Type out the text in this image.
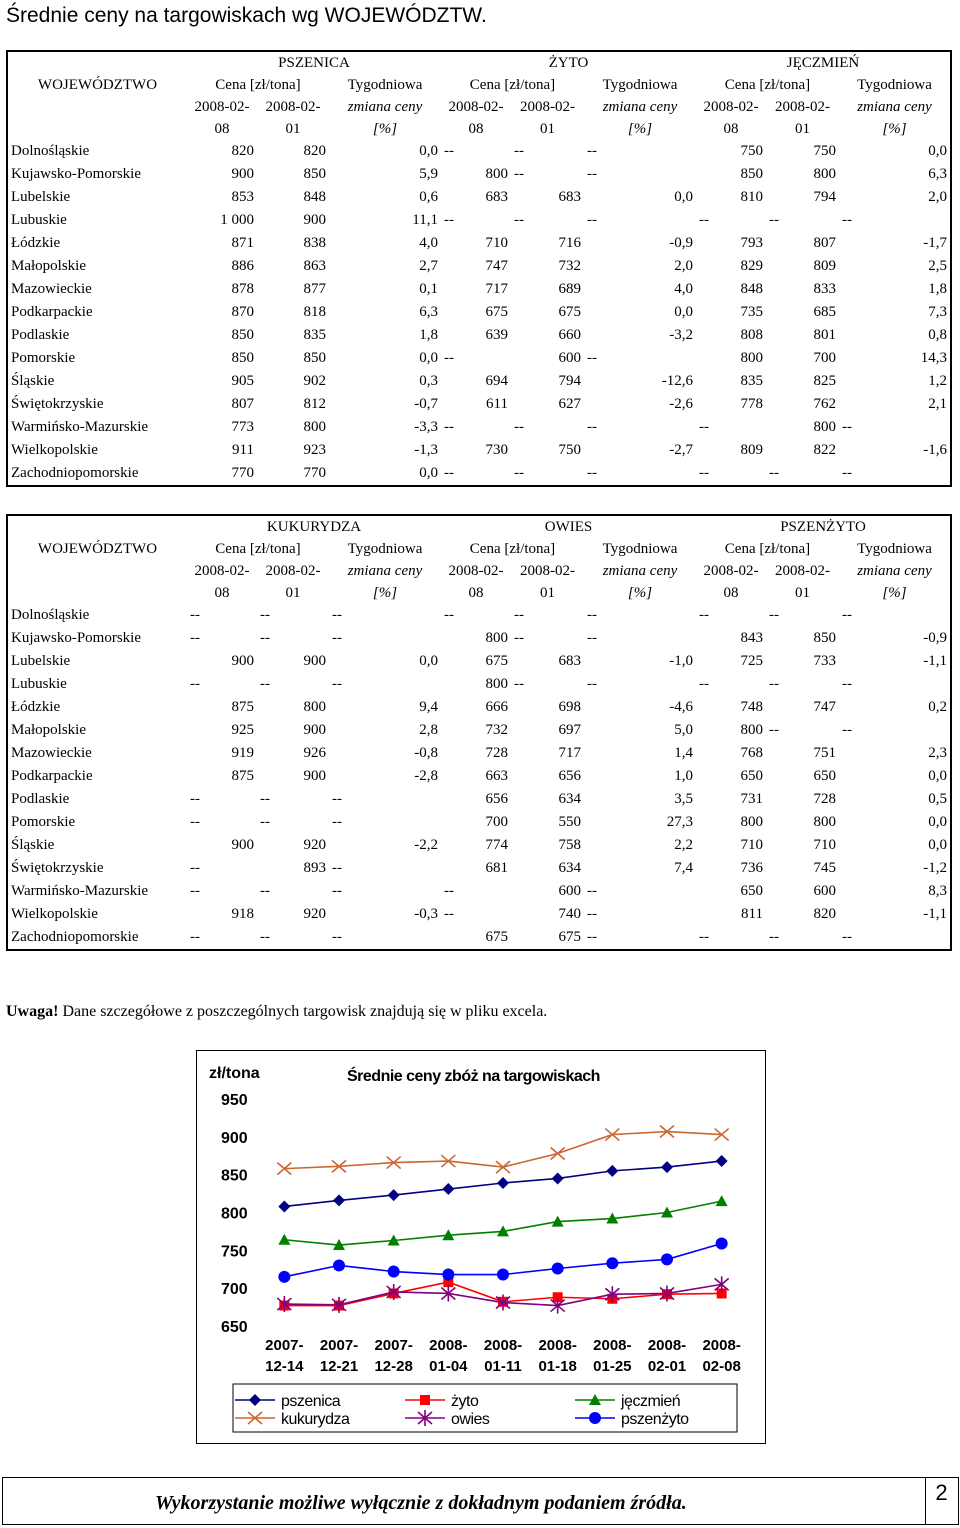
Średnie ceny na targowiskach wg WOJEWÓDZTW.
	PSZENICA			ŻYTO			JĘCZMIEŃ		
WOJEWÓDZTWO	Cena [zł/tona]		Tygodniowa	Cena [zł/tona]		Tygodniowa	Cena [zł/tona]		Tygodniowa
	2008-02-	2008-02-	zmiana ceny	2008-02-	2008-02-	zmiana ceny	2008-02-	2008-02-	zmiana ceny
	08	01	[%]	08	01	[%]	08	01	[%]
Dolnośląskie	820	820	0,0	--	--	--	750	750	0,0
Kujawsko-Pomorskie	900	850	5,9	800	--	--	850	800	6,3
Lubelskie	853	848	0,6	683	683	0,0	810	794	2,0
Lubuskie	1 000	900	11,1	--	--	--	--	--	--
Łódzkie	871	838	4,0	710	716	-0,9	793	807	-1,7
Małopolskie	886	863	2,7	747	732	2,0	829	809	2,5
Mazowieckie	878	877	0,1	717	689	4,0	848	833	1,8
Podkarpackie	870	818	6,3	675	675	0,0	735	685	7,3
Podlaskie	850	835	1,8	639	660	-3,2	808	801	0,8
Pomorskie	850	850	0,0	--	600	--	800	700	14,3
Śląskie	905	902	0,3	694	794	-12,6	835	825	1,2
Świętokrzyskie	807	812	-0,7	611	627	-2,6	778	762	2,1
Warmińsko-Mazurskie	773	800	-3,3	--	--	--	--	800	--
Wielkopolskie	911	923	-1,3	730	750	-2,7	809	822	-1,6
Zachodniopomorskie	770	770	0,0	--	--	--	--	--	--
	KUKURYDZA			OWIES			PSZENŻYTO		
WOJEWÓDZTWO	Cena [zł/tona]		Tygodniowa	Cena [zł/tona]		Tygodniowa	Cena [zł/tona]		Tygodniowa
	2008-02-	2008-02-	zmiana ceny	2008-02-	2008-02-	zmiana ceny	2008-02-	2008-02-	zmiana ceny
	08	01	[%]	08	01	[%]	08	01	[%]
Dolnośląskie	--	--	--	--	--	--	--	--	--
Kujawsko-Pomorskie	--	--	--	800	--	--	843	850	-0,9
Lubelskie	900	900	0,0	675	683	-1,0	725	733	-1,1
Lubuskie	--	--	--	800	--	--	--	--	--
Łódzkie	875	800	9,4	666	698	-4,6	748	747	0,2
Małopolskie	925	900	2,8	732	697	5,0	800	--	--
Mazowieckie	919	926	-0,8	728	717	1,4	768	751	2,3
Podkarpackie	875	900	-2,8	663	656	1,0	650	650	0,0
Podlaskie	--	--	--	656	634	3,5	731	728	0,5
Pomorskie	--	--	--	700	550	27,3	800	800	0,0
Śląskie	900	920	-2,2	774	758	2,2	710	710	0,0
Świętokrzyskie	--	893	--	681	634	7,4	736	745	-1,2
Warmińsko-Mazurskie	--	--	--	--	600	--	650	600	8,3
Wielkopolskie	918	920	-0,3	--	740	--	811	820	-1,1
Zachodniopomorskie	--	--	--	675	675	--	--	--	--
Uwaga! Dane szczegółowe z poszczególnych targowisk znajdują się w pliku excela.
Średnie ceny zbóż na targowiskach
zł/tona
650
700
750
800
850
900
950
2007-
12-14
2007-
12-21
2007-
12-28
2008-
01-04
2008-
01-11
2008-
01-18
2008-
01-25
2008-
02-01
2008-
02-08
pszenica	żyto	jęczmień
kukurydza	owies	pszenżyto
Wykorzystanie możliwe wyłącznie z dokładnym podaniem źródła.	2
